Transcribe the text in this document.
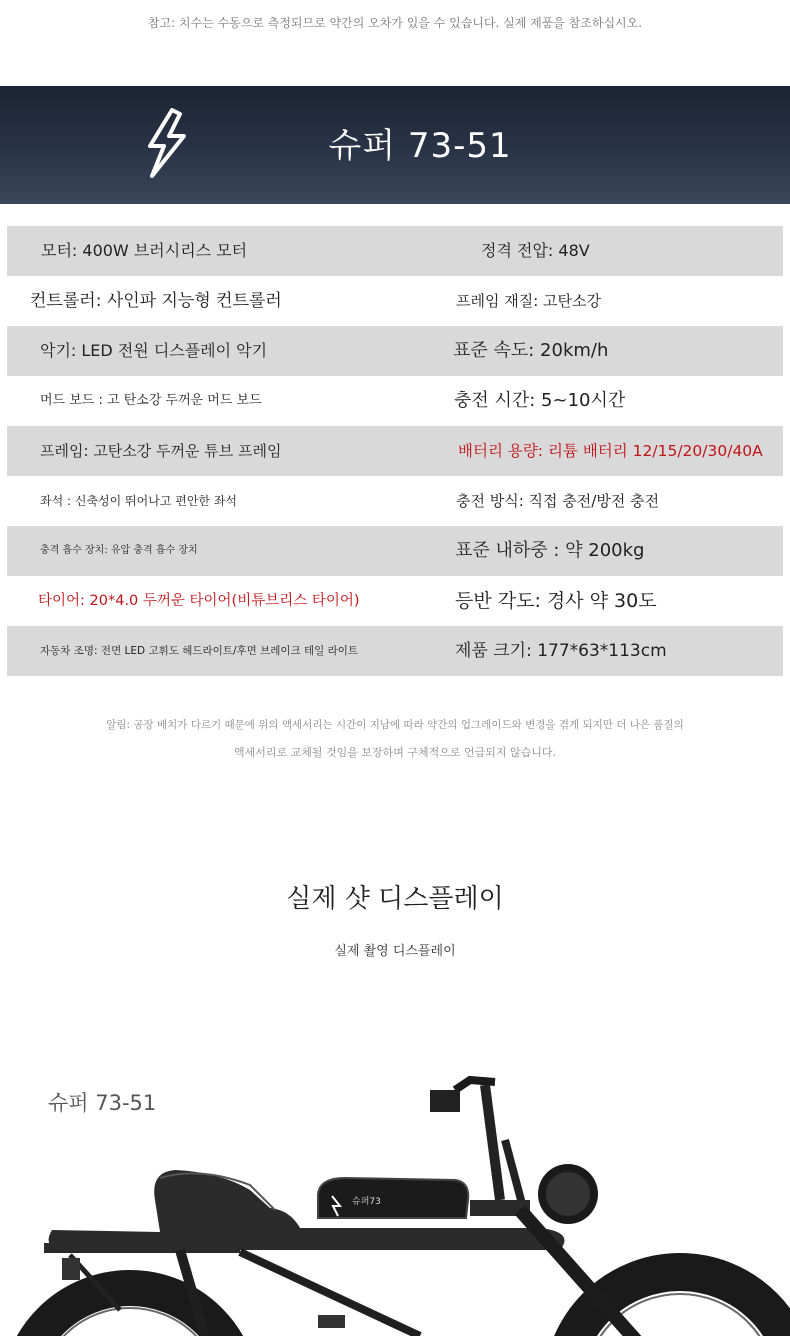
참고: 치수는 수동으로 측정되므로 약간의 오차가 있을 수 있습니다. 실제 제품을 참조하십시오.
슈퍼 73-51
모터: 400W 브러시리스 모터	정격 전압: 48V
컨트롤러: 사인파 지능형 컨트롤러	프레임 재질: 고탄소강
악기: LED 전원 디스플레이 악기	표준 속도: 20km/h
머드 보드 : 고 탄소강 두꺼운 머드 보드	충전 시간: 5~10시간
프레임: 고탄소강 두꺼운 튜브 프레임	배터리 용량: 리튬 배터리 12/15/20/30/40A
좌석 : 신축성이 뛰어나고 편안한 좌석	충전 방식: 직접 충전/방전 충전
충격 흡수 장치: 유압 충격 흡수 장치	표준 내하중 : 약 200kg
타이어: 20*4.0 두꺼운 타이어(비튜브리스 타이어)	등반 각도: 경사 약 30도
자동차 조명: 전면 LED 고휘도 헤드라이트/후면 브레이크 테일 라이트	제품 크기: 177*63*113cm
알림: 공장 배치가 다르기 때문에 위의 액세서리는 시간이 지남에 따라 약간의 업그레이드와 변경을 겪게 되지만 더 나은 품질의
액세서리로 교체될 것임을 보장하며 구체적으로 언급되지 않습니다.
실제 샷 디스플레이
실제 촬영 디스플레이
슈퍼73
슈퍼 73-51
